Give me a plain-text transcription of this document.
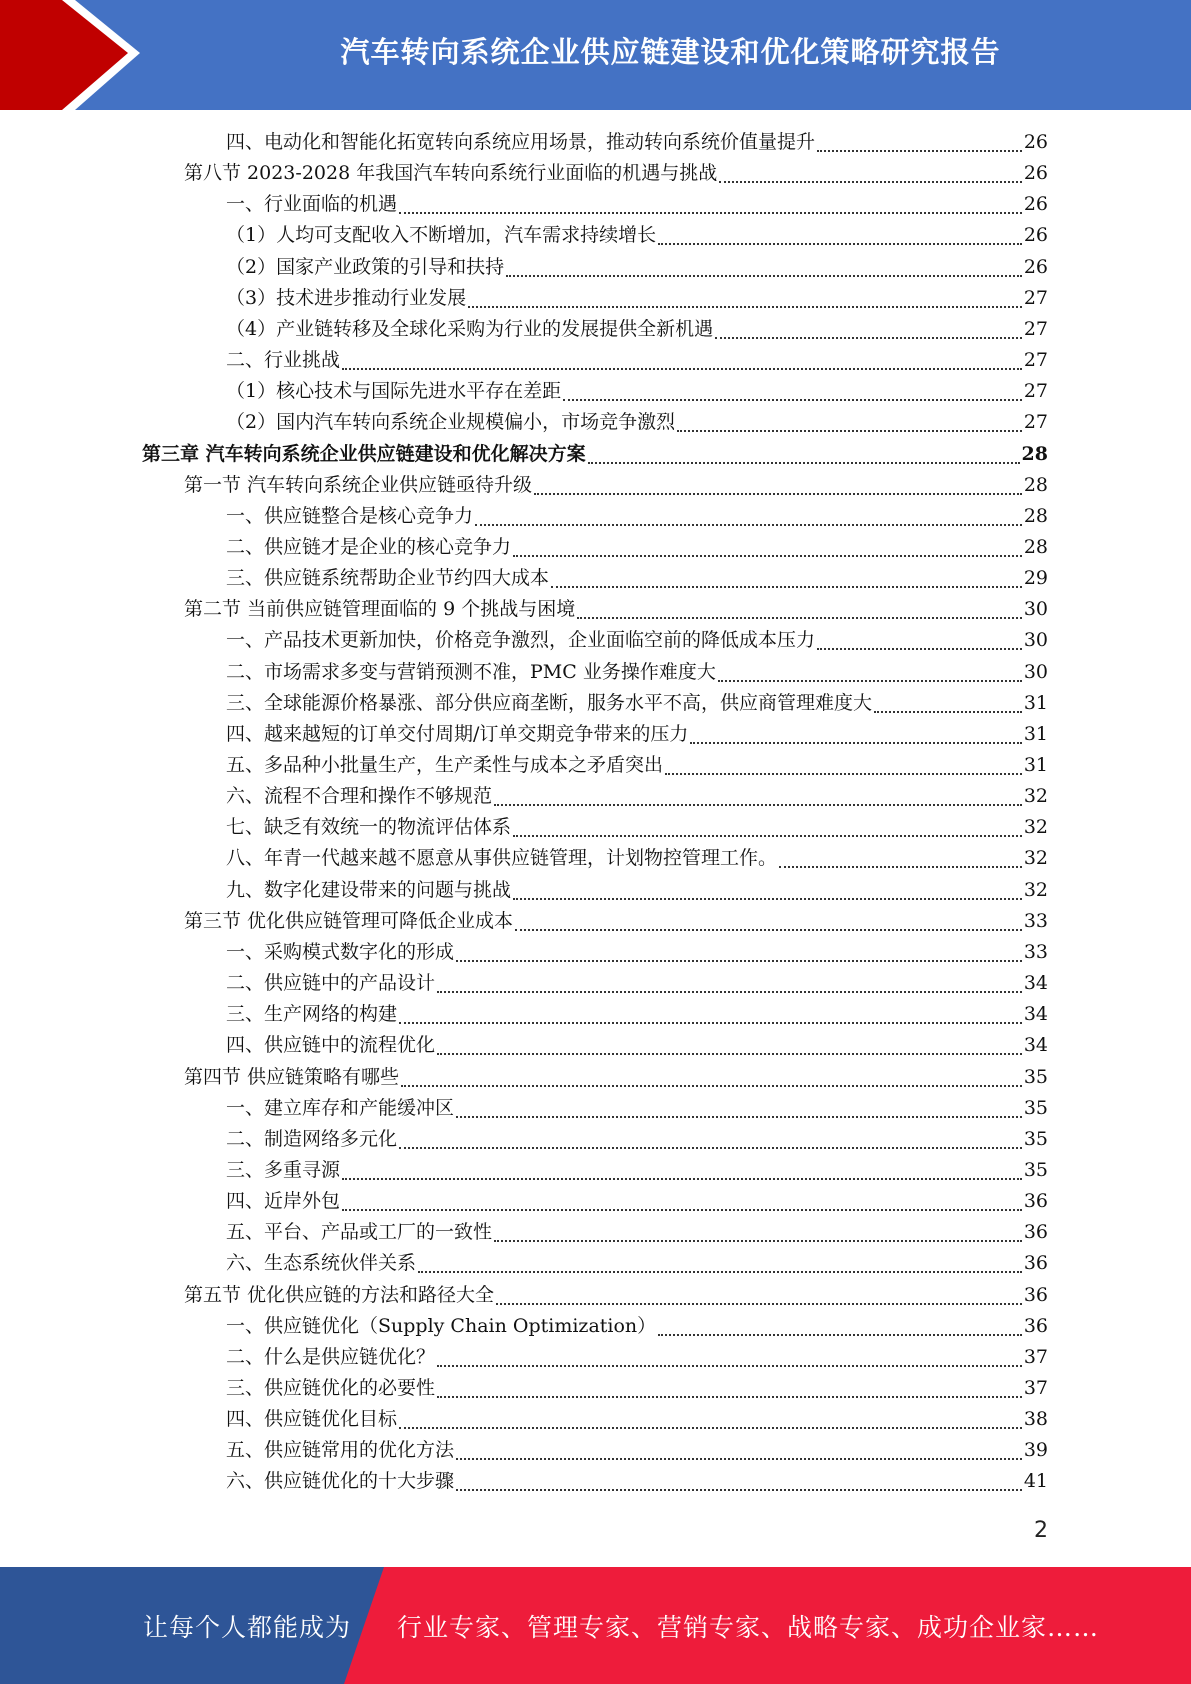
汽车转向系统企业供应链建设和优化策略研究报告
四、电动化和智能化拓宽转向系统应用场景，推动转向系统价值量提升	26
第八节 2023-2028 年我国汽车转向系统行业面临的机遇与挑战	26
一、行业面临的机遇	26
（1）人均可支配收入不断增加，汽车需求持续增长	26
（2）国家产业政策的引导和扶持	26
（3）技术进步推动行业发展	27
（4）产业链转移及全球化采购为行业的发展提供全新机遇	27
二、行业挑战	27
（1）核心技术与国际先进水平存在差距	27
（2）国内汽车转向系统企业规模偏小，市场竞争激烈	27
第三章 汽车转向系统企业供应链建设和优化解决方案	28
第一节 汽车转向系统企业供应链亟待升级	28
一、供应链整合是核心竞争力	28
二、供应链才是企业的核心竞争力	28
三、供应链系统帮助企业节约四大成本	29
第二节 当前供应链管理面临的 9 个挑战与困境	30
一、产品技术更新加快，价格竞争激烈，企业面临空前的降低成本压力	30
二、市场需求多变与营销预测不准，PMC 业务操作难度大	30
三、全球能源价格暴涨、部分供应商垄断，服务水平不高，供应商管理难度大	31
四、越来越短的订单交付周期/订单交期竞争带来的压力	31
五、多品种小批量生产，生产柔性与成本之矛盾突出	31
六、流程不合理和操作不够规范	32
七、缺乏有效统一的物流评估体系	32
八、年青一代越来越不愿意从事供应链管理，计划物控管理工作。	32
九、数字化建设带来的问题与挑战	32
第三节 优化供应链管理可降低企业成本	33
一、采购模式数字化的形成	33
二、供应链中的产品设计	34
三、生产网络的构建	34
四、供应链中的流程优化	34
第四节 供应链策略有哪些	35
一、建立库存和产能缓冲区	35
二、制造网络多元化	35
三、多重寻源	35
四、近岸外包	36
五、平台、产品或工厂的一致性	36
六、生态系统伙伴关系	36
第五节 优化供应链的方法和路径大全	36
一、供应链优化（Supply Chain Optimization）	36
二、什么是供应链优化？	37
三、供应链优化的必要性	37
四、供应链优化目标	38
五、供应链常用的优化方法	39
六、供应链优化的十大步骤	41
2
让每个人都能成为 行业专家、管理专家、营销专家、战略专家、成功企业家……
